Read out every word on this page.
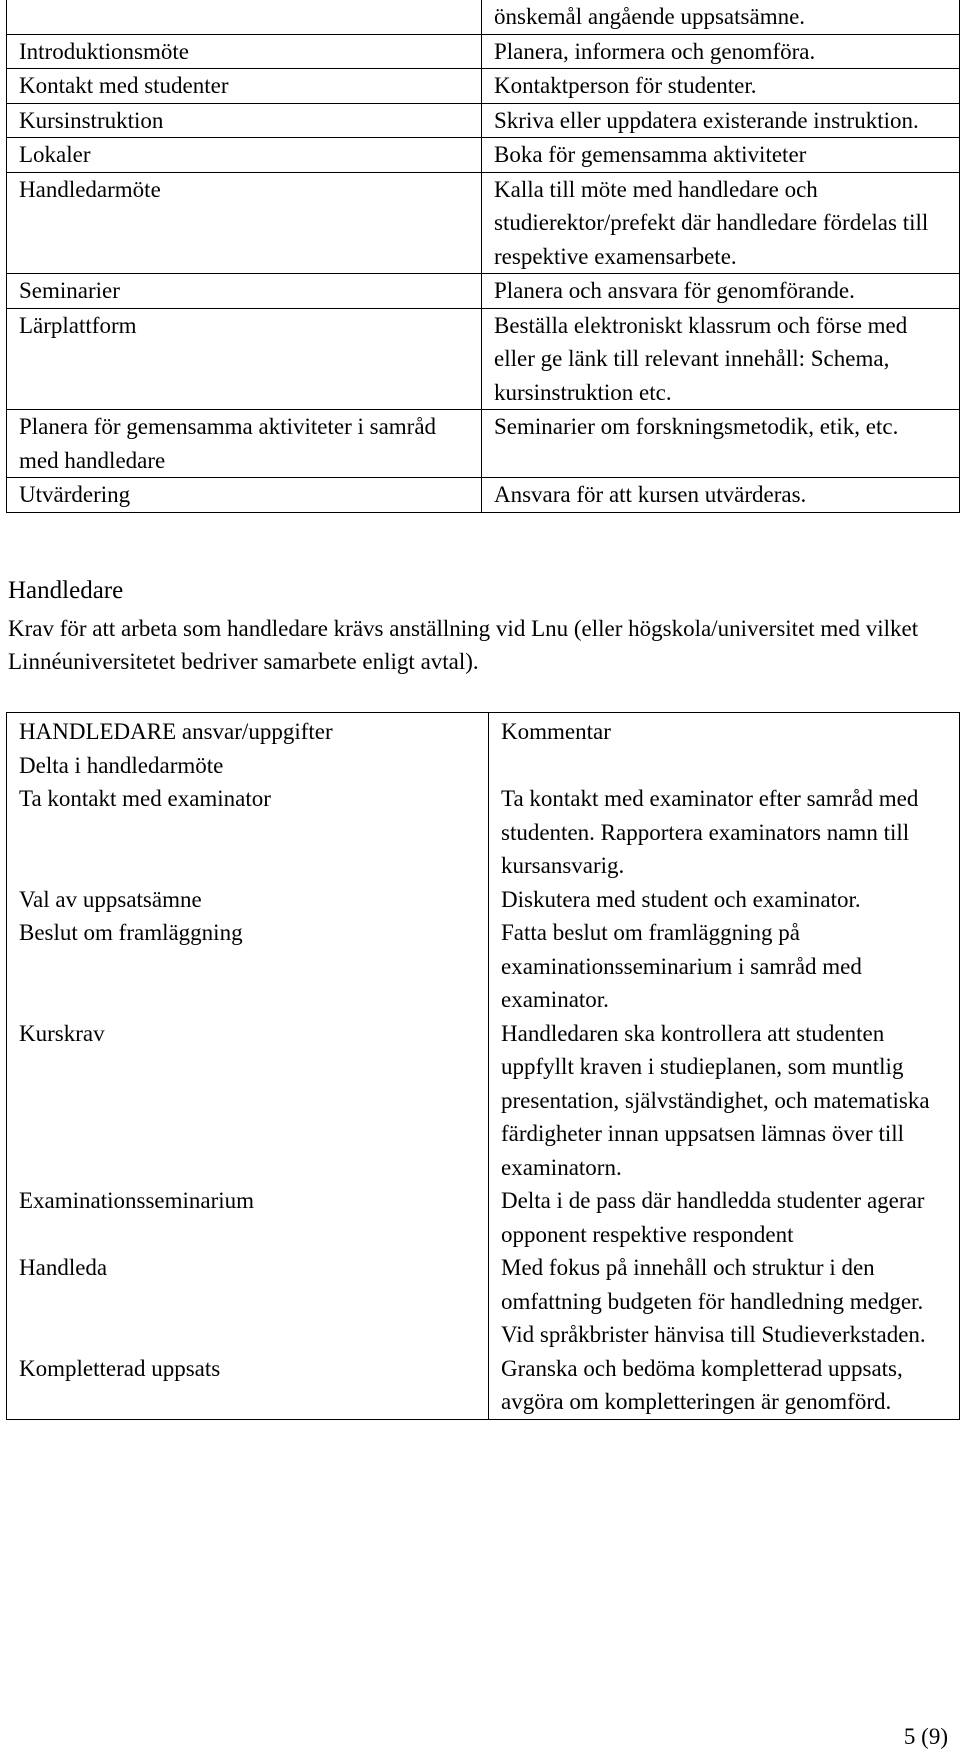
	önskemål angående uppsatsämne.
Introduktionsmöte	Planera, informera och genomföra.
Kontakt med studenter	Kontaktperson för studenter.
Kursinstruktion	Skriva eller uppdatera existerande instruktion.
Lokaler	Boka för gemensamma aktiviteter
Handledarmöte	Kalla till möte med handledare och studierektor/prefekt där handledare fördelas till respektive examensarbete.
Seminarier	Planera och ansvara för genomförande.
Lärplattform	Beställa elektroniskt klassrum och förse med eller ge länk till relevant innehåll: Schema, kursinstruktion etc.
Planera för gemensamma aktiviteter i samråd med handledare	Seminarier om forskningsmetodik, etik, etc.
Utvärdering	Ansvara för att kursen utvärderas.
Handledare

Krav för att arbeta som handledare krävs anställning vid Lnu (eller högskola/universitet med vilket Linnéuniversitetet bedriver samarbete enligt avtal).

HANDLEDARE ansvar/uppgifter	Kommentar
Delta i handledarmöte	
Ta kontakt med examinator	Ta kontakt med examinator efter samråd med studenten. Rapportera examinators namn till kursansvarig.
Val av uppsatsämne	Diskutera med student och examinator.
Beslut om framläggning	Fatta beslut om framläggning på examinationsseminarium i samråd med examinator.
Kurskrav	Handledaren ska kontrollera att studenten uppfyllt kraven i studieplanen, som muntlig presentation, självständighet, och matematiska färdigheter innan uppsatsen lämnas över till examinatorn.
Examinationsseminarium	Delta i de pass där handledda studenter agerar opponent respektive respondent
Handleda	Med fokus på innehåll och struktur i den omfattning budgeten för handledning medger. Vid språkbrister hänvisa till Studieverkstaden.
Kompletterad uppsats	Granska och bedöma kompletterad uppsats, avgöra om kompletteringen är genomförd.
5 (9)
